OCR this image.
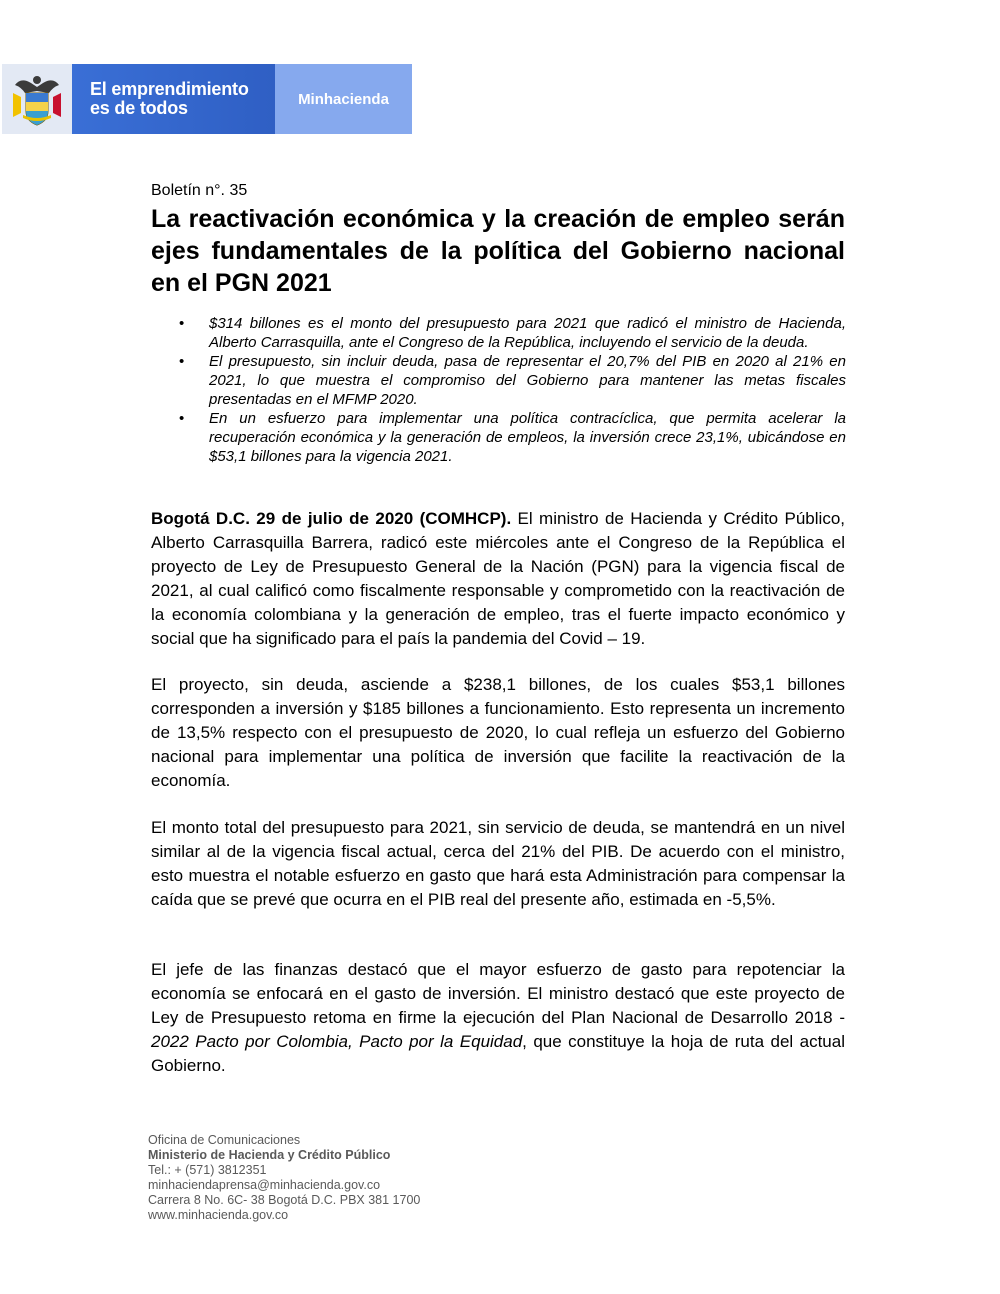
El emprendimiento
es de todos	Minhacienda
Boletín n°. 35
La reactivación económica y la creación de empleo serán ejes fundamentales de la política del Gobierno nacional en el PGN 2021
• $314 billones es el monto del presupuesto para 2021 que radicó el ministro de Hacienda, Alberto Carrasquilla, ante el Congreso de la República, incluyendo el servicio de la deuda.
• El presupuesto, sin incluir deuda, pasa de representar el 20,7% del PIB en 2020 al 21% en 2021, lo que muestra el compromiso del Gobierno para mantener las metas fiscales presentadas en el MFMP 2020.
• En un esfuerzo para implementar una política contracíclica, que permita acelerar la recuperación económica y la generación de empleos, la inversión crece 23,1%, ubicándose en $53,1 billones para la vigencia 2021.

Bogotá D.C. 29 de julio de 2020 (COMHCP). El ministro de Hacienda y Crédito Público, Alberto Carrasquilla Barrera, radicó este miércoles ante el Congreso de la República el proyecto de Ley de Presupuesto General de la Nación (PGN) para la vigencia fiscal de 2021, al cual calificó como fiscalmente responsable y comprometido con la reactivación de la economía colombiana y la generación de empleo, tras el fuerte impacto económico y social que ha significado para el país la pandemia del Covid – 19.

El proyecto, sin deuda, asciende a $238,1 billones, de los cuales $53,1 billones corresponden a inversión y $185 billones a funcionamiento. Esto representa un incremento de 13,5% respecto con el presupuesto de 2020, lo cual refleja un esfuerzo del Gobierno nacional para implementar una política de inversión que facilite la reactivación de la economía.

El monto total del presupuesto para 2021, sin servicio de deuda, se mantendrá en un nivel similar al de la vigencia fiscal actual, cerca del 21% del PIB. De acuerdo con el ministro, esto muestra el notable esfuerzo en gasto que hará esta Administración para compensar la caída que se prevé que ocurra en el PIB real del presente año, estimada en -5,5%.

El jefe de las finanzas destacó que el mayor esfuerzo de gasto para repotenciar la economía se enfocará en el gasto de inversión. El ministro destacó que este proyecto de Ley de Presupuesto retoma en firme la ejecución del Plan Nacional de Desarrollo 2018 - 2022 Pacto por Colombia, Pacto por la Equidad, que constituye la hoja de ruta del actual Gobierno.

Oficina de Comunicaciones
Ministerio de Hacienda y Crédito Público
Tel.: + (571) 3812351
minhaciendaprensa@minhacienda.gov.co
Carrera 8 No. 6C- 38 Bogotá D.C. PBX 381 1700
www.minhacienda.gov.co
